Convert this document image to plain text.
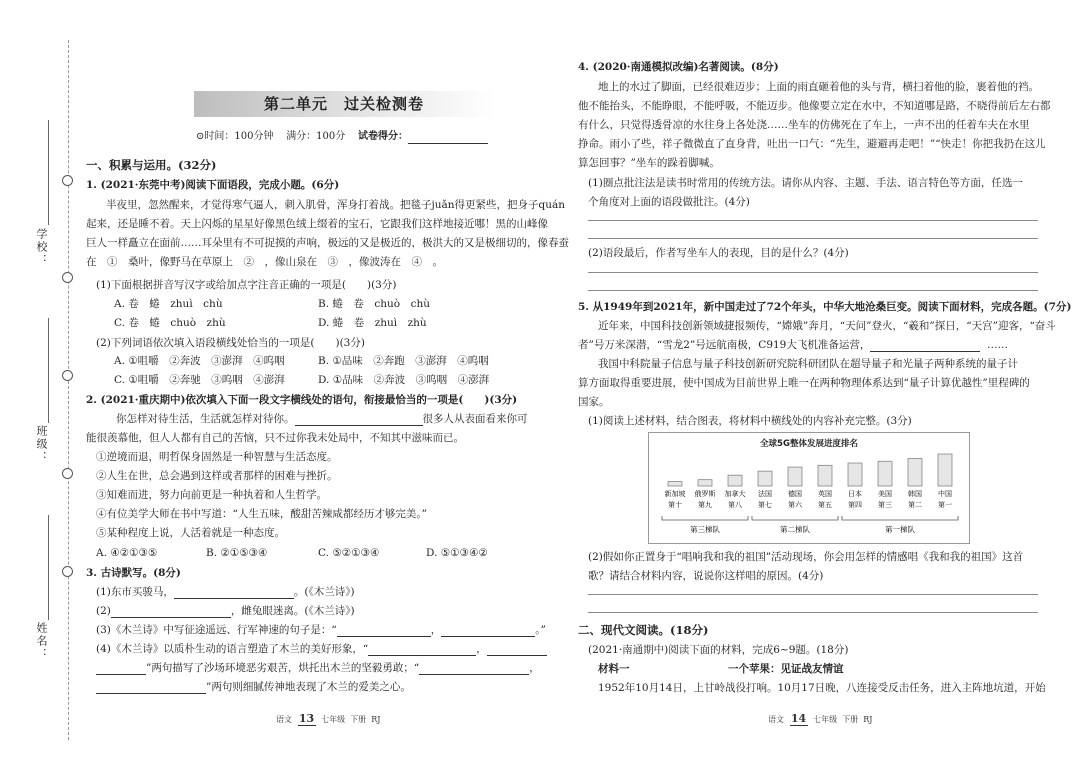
学校：
班级：
姓名：
第二单元　过关检测卷
⊙时间：100分钟 满分：100分 试卷得分：
一、积累与运用。(32分)
1. (2021·东莞中考)阅读下面语段，完成小题。(6分)
半夜里，忽然醒来，才觉得寒气逼人，刺入肌骨，浑身打着战。把毯子juǎn得更紧些，把身子quán
起来，还是睡不着。天上闪烁的星星好像黑色绒上缀着的宝石，它跟我们这样地接近哪！黑的山峰像
巨人一样矗立在面前……耳朵里有不可捉摸的声响，极远的又是极近的，极洪大的又是极细切的，像春蚕
在　①　桑叶，像野马在草原上　②　，像山泉在　③　，像波涛在　④　。
(1)下面根据拼音写汉字或给加点字注音正确的一项是(　　)(3分)
A. 卷　蜷　zhuì　chù	B. 蜷　卷　chuò　chù
C. 卷　蜷　chuò　zhù	D. 蜷　卷　zhuì　zhù
(2)下列词语依次填入语段横线处恰当的一项是(　　)(3分)
A. ①咀嚼　②奔波　③澎湃　④呜咽	B. ①品味　②奔跑　③澎湃　④呜咽
C. ①咀嚼　②奔驰　③呜咽　④澎湃	D. ①品味　②奔波　③呜咽　④澎湃
2. (2021·重庆期中)依次填入下面一段文字横线处的语句，衔接最恰当的一项是(　　)(3分)
你怎样对待生活，生活就怎样对待你。	很多人从表面看来你可
能很羡慕他，但人人都有自己的苦恼，只不过你我未处局中，不知其中滋味而已。
①逆境而退，明哲保身固然是一种智慧与生活态度。
②人生在世，总会遇到这样或者那样的困难与挫折。
③知难而进，努力向前更是一种执着和人生哲学。
④有位美学大师在书中写道：“人生五味，酸甜苦辣咸都经历才够完美。”
⑤某种程度上说，人活着就是一种态度。
A. ④②①③⑤	B. ②①⑤③④	C. ⑤②①③④	D. ⑤①③④②
3. 古诗默写。(8分)
(1)东市买骏马，	。(《木兰诗》)
(2)	，雌兔眼迷离。(《木兰诗》)
(3)《木兰诗》中写征途遥远、行军神速的句子是：“	，	。”
(4)《木兰诗》以质朴生动的语言塑造了木兰的美好形象，“	，
”两句描写了沙场环境恶劣艰苦，烘托出木兰的坚毅勇敢；“	，
”两句则细腻传神地表现了木兰的爱美之心。
语文 13 七年级 下册 RJ
4. (2020·南通模拟改编)名著阅读。(8分)
地上的水过了脚面，已经很难迈步；上面的雨直砸着他的头与背，横扫着他的脸，裹着他的裆。
他不能抬头，不能睁眼，不能呼吸，不能迈步。他像要立定在水中，不知道哪是路，不晓得前后左右都
有什么，只觉得透骨凉的水往身上各处浇……坐车的仿佛死在了车上，一声不出的任着车夫在水里
挣命。雨小了些，祥子微微直了直身背，吐出一口气：“先生，避避再走吧！”“快走！你把我扔在这儿
算怎回事？”坐车的跺着脚喊。
(1)圈点批注法是读书时常用的传统方法。请你从内容、主题、手法、语言特色等方面，任选一
个角度对上面的语段做批注。(4分)
(2)语段最后，作者写坐车人的表现，目的是什么？(4分)
5. 从1949年到2021年，新中国走过了72个年头，中华大地沧桑巨变。阅读下面材料，完成各题。(7分)
近年来，中国科技创新领域捷报频传，“嫦娥”奔月，“天问”登火，“羲和”探日，“天宫”迎客，“奋斗
者”号万米深潜，“雪龙2”号远航南极，C919大飞机准备运营，	……
我国中科院量子信息与量子科技创新研究院科研团队在超导量子和光量子两种系统的量子计
算方面取得重要进展，使中国成为目前世界上唯一在两种物理体系达到“量子计算优越性”里程碑的
国家。
(1)阅读上述材料，结合图表，将材料中横线处的内容补充完整。(3分)
全球5G整体发展进度排名
新加坡
第十
俄罗斯
第九
加拿大
第八
法国
第七
德国
第六
英国
第五
日本
第四
美国
第三
韩国
第二
中国
第一
第三梯队	第二梯队	第一梯队
(2)假如你正置身于“唱响我和我的祖国”活动现场，你会用怎样的情感唱《我和我的祖国》这首
歌？请结合材料内容，说说你这样唱的原因。(4分)
二、现代文阅读。(18分)
(2021·南通期中)阅读下面的材料，完成6~9题。(18分)
材料一	一个苹果：见证战友情谊
1952年10月14日，上甘岭战役打响。10月17日晚，八连接受反击任务，进入主阵地坑道，开始
语文 14 七年级 下册 RJ
